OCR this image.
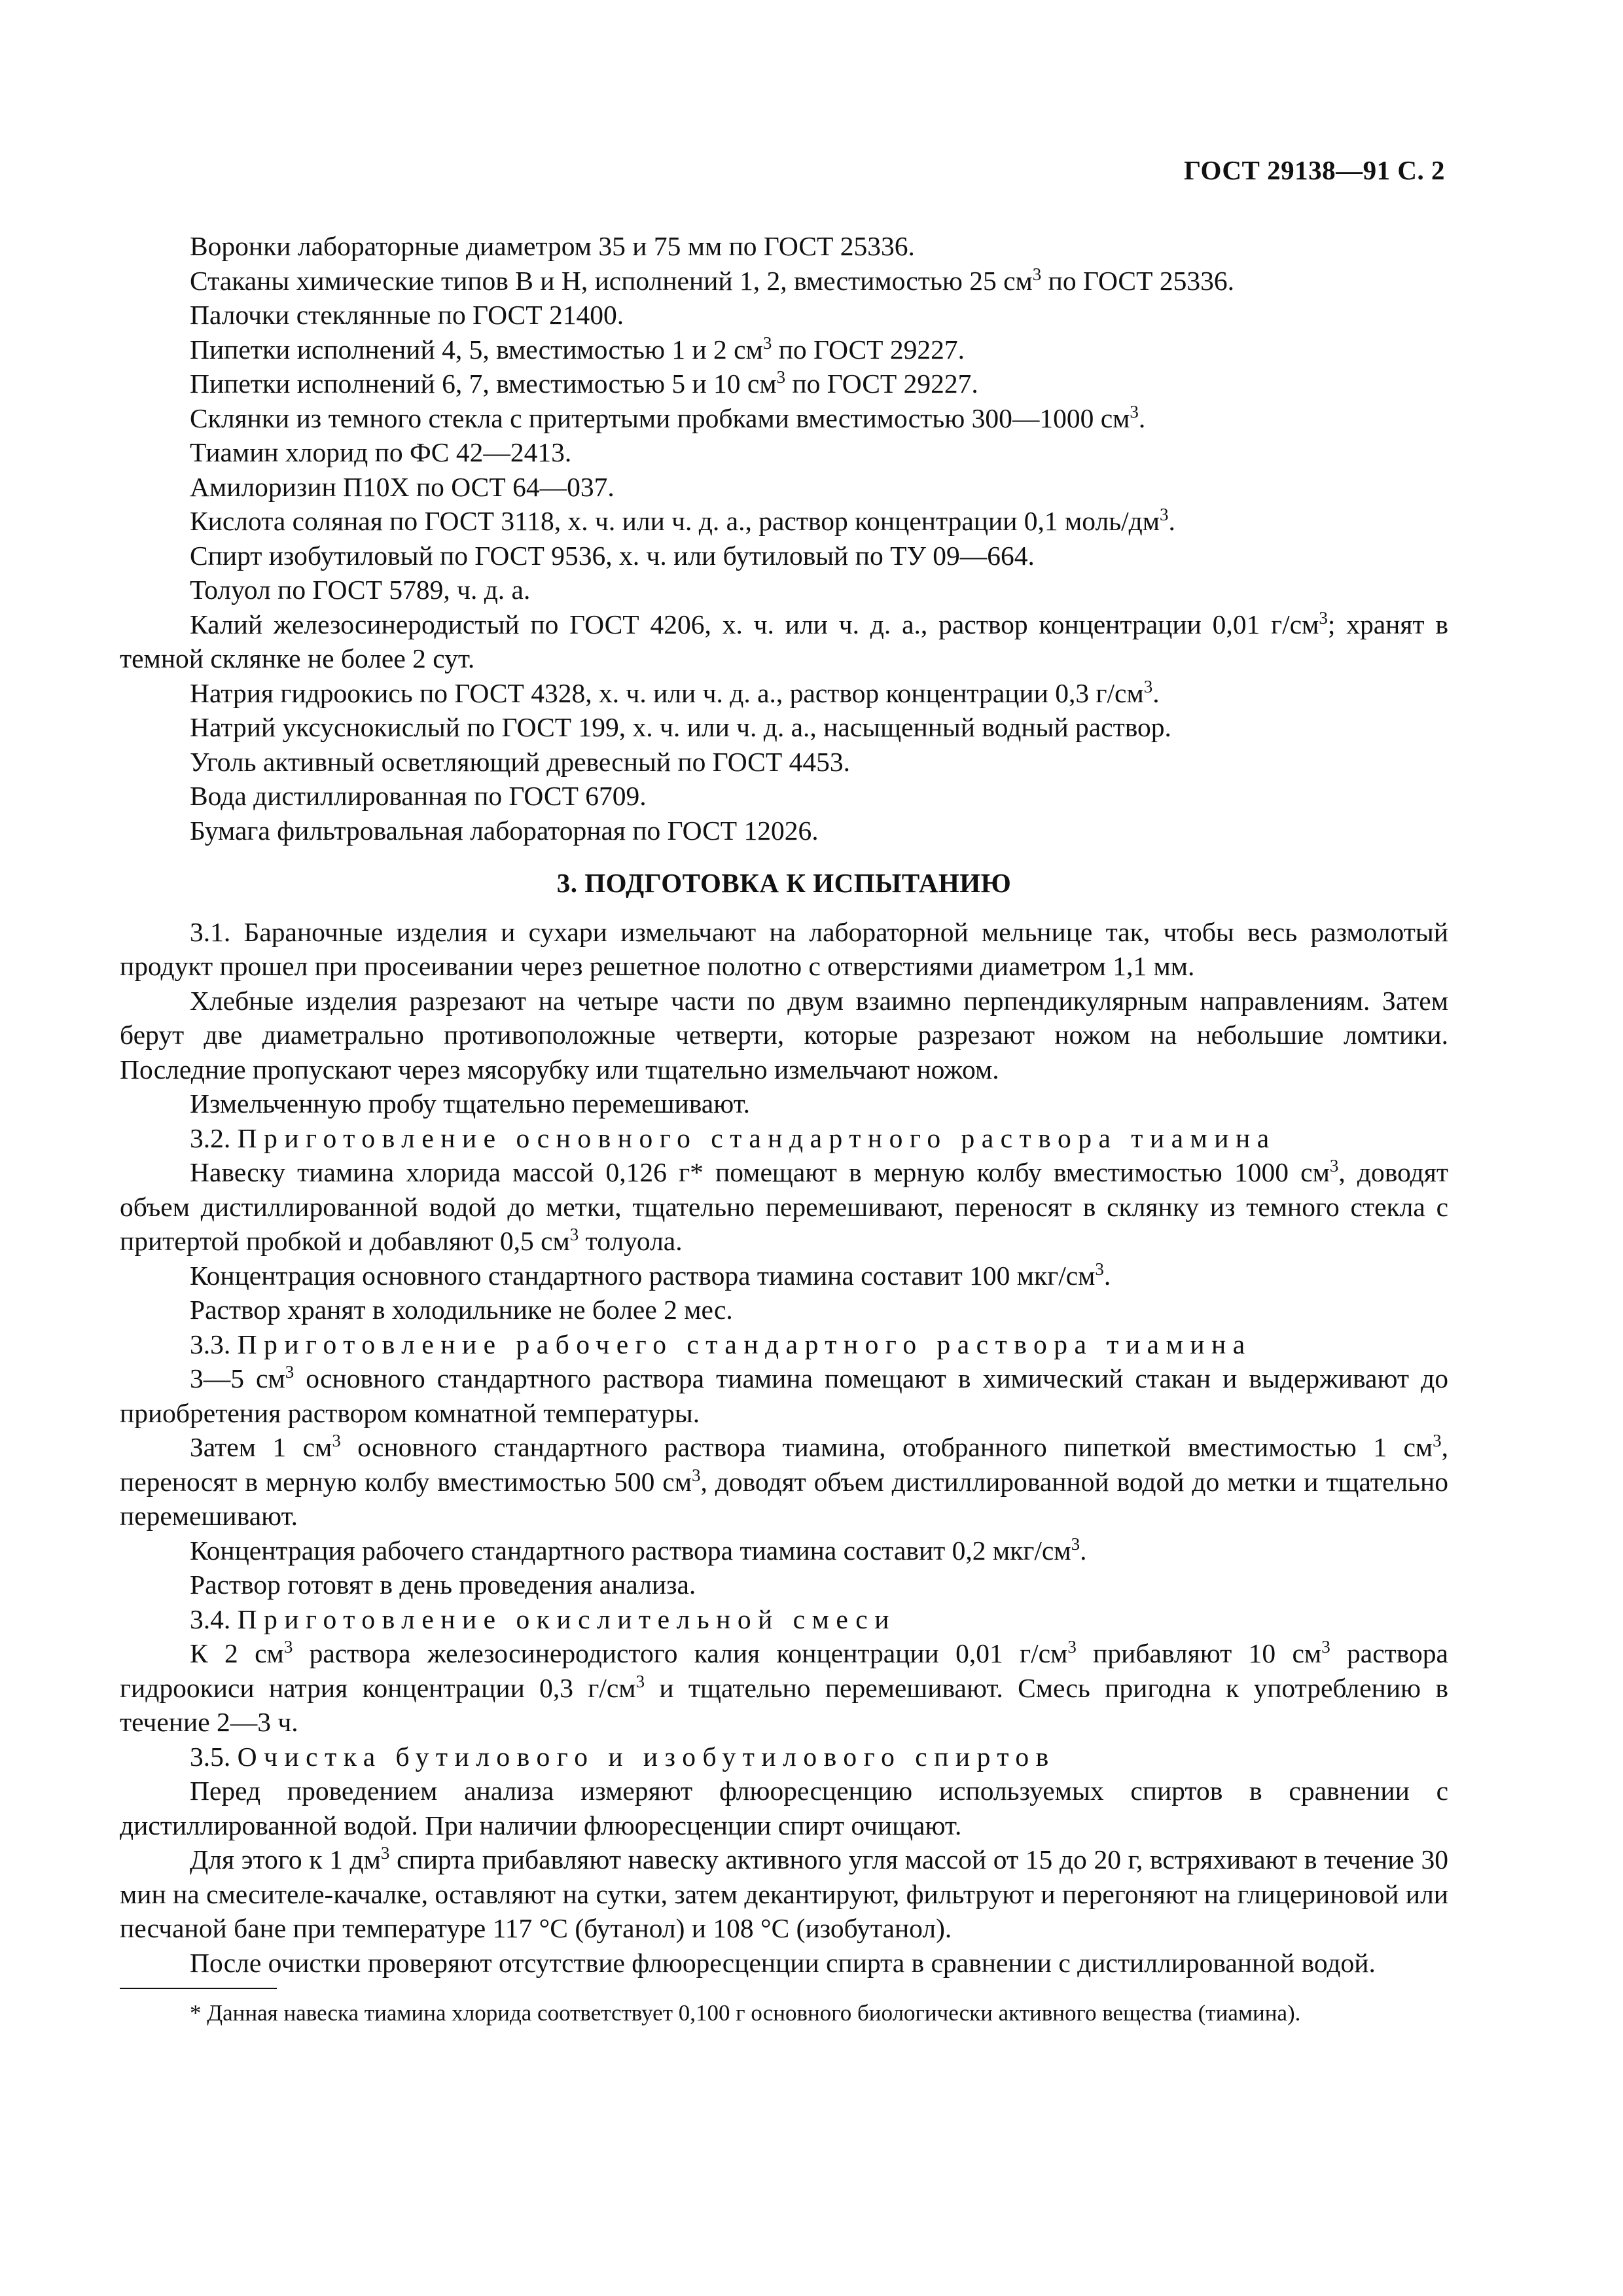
ГОСТ 29138—91 С. 2

Воронки лабораторные диаметром 35 и 75 мм по ГОСТ 25336.

Стаканы химические типов В и Н, исполнений 1, 2, вместимостью 25 $см^3$ по ГОСТ 25336.

Палочки стеклянные по ГОСТ 21400.

Пипетки исполнений 4, 5, вместимостью 1 и 2 $см^3$ по ГОСТ 29227.

Пипетки исполнений 6, 7, вместимостью 5 и 10 $см^3$ по ГОСТ 29227.

Склянки из темного стекла с притертыми пробками вместимостью 300—1000 $см^3$.

Тиамин хлорид по ФС 42—2413.

Амилоризин П10Х по ОСТ 64—037.

Кислота соляная по ГОСТ 3118, х. ч. или ч. д. а., раствор концентрации 0,1 моль/$дм^3$.

Спирт изобутиловый по ГОСТ 9536, х. ч. или бутиловый по ТУ 09—664.

Толуол по ГОСТ 5789, ч. д. а.

Калий железосинеродистый по ГОСТ 4206, х. ч. или ч. д. а., раствор концентрации 0,01 $г/см^3$; хранят в темной склянке не более 2 сут.

Натрия гидроокись по ГОСТ 4328, х. ч. или ч. д. а., раствор концентрации 0,3 $г/см^3$.

Натрий уксуснокислый по ГОСТ 199, х. ч. или ч. д. а., насыщенный водный раствор.

Уголь активный осветляющий древесный по ГОСТ 4453.

Вода дистиллированная по ГОСТ 6709.

Бумага фильтровальная лабораторная по ГОСТ 12026.

3. ПОДГОТОВКА К ИСПЫТАНИЮ

3.1. Бараночные изделия и сухари измельчают на лабораторной мельнице так, чтобы весь размолотый продукт прошел при просеивании через решетное полотно с отверстиями диаметром 1,1 мм.

Хлебные изделия разрезают на четыре части по двум взаимно перпендикулярным направлениям. Затем берут две диаметрально противоположные четверти, которые разрезают ножом на небольшие ломтики. Последние пропускают через мясорубку или тщательно измельчают ножом.

Измельченную пробу тщательно перемешивают.

3.2. Приготовление основного стандартного раствора тиамина

Навеску тиамина хлорида массой 0,126 г* помещают в мерную колбу вместимостью 1000 $см^3$, доводят объем дистиллированной водой до метки, тщательно перемешивают, переносят в склянку из темного стекла с притертой пробкой и добавляют 0,5 $см^3$ толуола.

Концентрация основного стандартного раствора тиамина составит 100 мкг/$см^3$.

Раствор хранят в холодильнике не более 2 мес.

3.3. Приготовление рабочего стандартного раствора тиамина

3—5 $см^3$ основного стандартного раствора тиамина помещают в химический стакан и выдерживают до приобретения раствором комнатной температуры.

Затем 1 $см^3$ основного стандартного раствора тиамина, отобранного пипеткой вместимостью 1 $см^3$, переносят в мерную колбу вместимостью 500 $см^3$, доводят объем дистиллированной водой до метки и тщательно перемешивают.

Концентрация рабочего стандартного раствора тиамина составит 0,2 мкг/$см^3$.

Раствор готовят в день проведения анализа.

3.4. Приготовление окислительной смеси

К 2 $см^3$ раствора железосинеродистого калия концентрации 0,01 $г/см^3$ прибавляют 10 $см^3$ раствора гидроокиси натрия концентрации 0,3 $г/см^3$ и тщательно перемешивают. Смесь пригодна к употреблению в течение 2—3 ч.

3.5. Очистка бутилового и изобутилового спиртов

Перед проведением анализа измеряют флюоресценцию используемых спиртов в сравнении с дистиллированной водой. При наличии флюоресценции спирт очищают.

Для этого к 1 $дм^3$ спирта прибавляют навеску активного угля массой от 15 до 20 г, встряхивают в течение 30 мин на смесителе-качалке, оставляют на сутки, затем декантируют, фильтруют и перегоняют на глицериновой или песчаной бане при температуре 117 °С (бутанол) и 108 °С (изобутанол).

После очистки проверяют отсутствие флюоресценции спирта в сравнении с дистиллированной водой.

* Данная навеска тиамина хлорида соответствует 0,100 г основного биологически активного вещества (тиамина).
